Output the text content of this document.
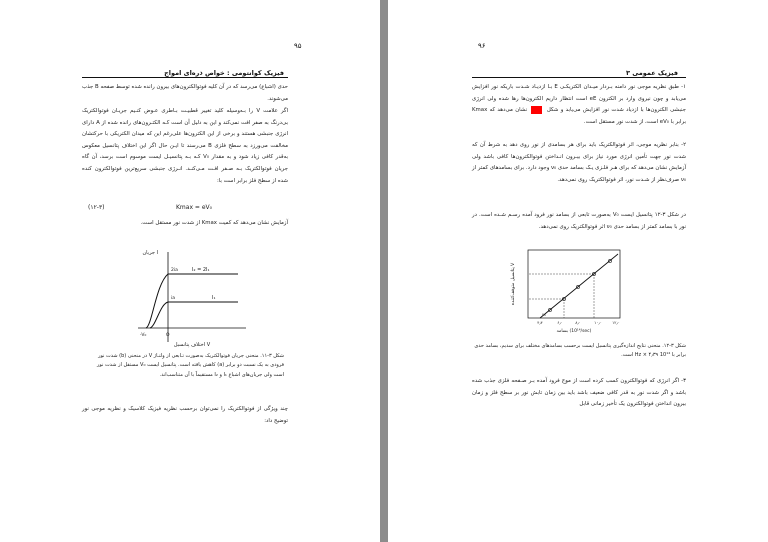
۹۵
فیزیک کوانتومی : خواص ذره‌ای امواج
حدی (اشباع) می‌رسد که در آن کلیه فوتوالکترون‌های بیرون رانده شده توسط صفحه B جذب می‌شوند.
اگر علامت V را بـه‌وسیله کلید تغییر قطبیـت بـاطری عـوض کنـیم جریـان فوتوالکتریک بی‌درنگ به صفر افت نمی‌کند و این به دلیل آن است کـه الکتـرون‌های رانده شده از A دارای انرژی جنبشی هستند و برخی از این الکترون‌ها علی‌رغم این که میدان الکتریکی با حرکتشان مخالفت می‌ورزد به سطح فلزی B می‌رسند تا ایـن حال اگر این اختلاف پتانسیل معکوس به‌قدر کافی زیاد شود و به مقدار V₀ کـه بـه پتانسیـل ایست موسوم است برسد، آن گاه جریان فوتوالکتریک بـه صـفر افـت مـی‌کنـد. انـرژی جنبشی سریع‌ترین فوتوالکترون کنده شده از سطح فلز برابر است با:
Kmax = eV₀
(۱۲-۳)
آزمایش نشان می‌دهد که کمیت Kmax از شدت نور مستقل است.
جریان I
I₂ = 2I₁
I₁
2ia
ia
-V₀	O
اختلاف پتانسیل V
شکل ۳-۱۱. منحنی جریان فوتوالکتریک به‌صورت تـابعی از ولتـاژ V در منحنی (b) شدت نور فرودی به یک نسبت دو برابر (a) کاهش یافته است. پتانسیل ایست V₀ مستقل از شدت نور است ولی جریان‌های اشباع I₁ و I₂ مستقیماً با آن متناسب‌اند.
چند ویژگی از فوتوالکتریک را نمی‌توان برحسب نظریه فیزیک کلاسیک و نظریه موجی نور توضیح داد:
۹۶
فیزیک عمومی ۳
۱- طبق نظریه موجی نور دامنه بـردار میـدان الکتریکـی E بـا ازدیـاد شـدت باریکه نور افزایش می‌یابد و چون نیروی وارد بر الکترون eE است انتظار داریم الکترون‌ها رها شده ولی انرژی جنبشی الکترون‌ها با ازدیاد شدت نور افزایش می‌یابد و شکل  نشان می‌دهد که Kmax برابر با eV₀ است، از شدت نور مستقل است.
۲- بنابر نظریه موجی، اثر فوتوالکتریک باید برای هر بسامدی از نور روی دهد به شرط آن که شدت نور جهت تأمین انرژی مورد نیاز برای بیـرون انـداختن فوتوالکترون‌ها کافی باشد ولی آزمایش نشان می‌دهد که برای هـر فلـزی یـک بسامد حدی ν₀ وجود دارد. برای بسامدهای کمتر از ν₀ صرف‌نظر از شـدت نور، اثر فوتوالکتریک روی نمی‌دهد.
در شکل ۳-۱۲ پتانسیل ایست V₀ به‌صورت تابعی از بسامد نور فرود آمده رسـم شـده است. در نور با بسامد کمتر از بسامد حدی ν₀ اثر فوتوالکتریک روی نمی‌دهد.
پتانسیل متوقف‌کننده V
۴٫۴	۶٫۰	۸٫۰	۱۰٫۰	۱۲٫۰
ν₀
بسامد (10¹⁴/sec)
شکل ۳-۱۲. منحنی نتایج اندازه‌گیری پتانسیل ایست برحسب بسامدهای مختلف برای سدیم، بسامد حدی برابر با 10¹⁴ Hz × ۴٫۳۹ است.
۳- اگر انرژی که فوتوالکترون کسب کرده است از موج فرود آمده بـر صـفحه فلزی جذب شده باشد و اگر شدت نور به قدر کافی ضعیف باشد باید بین زمان تابش نور بر سطح فلز و زمان بیرون انداختن فوتوالکترون یک تأخیر زمانی قابل
